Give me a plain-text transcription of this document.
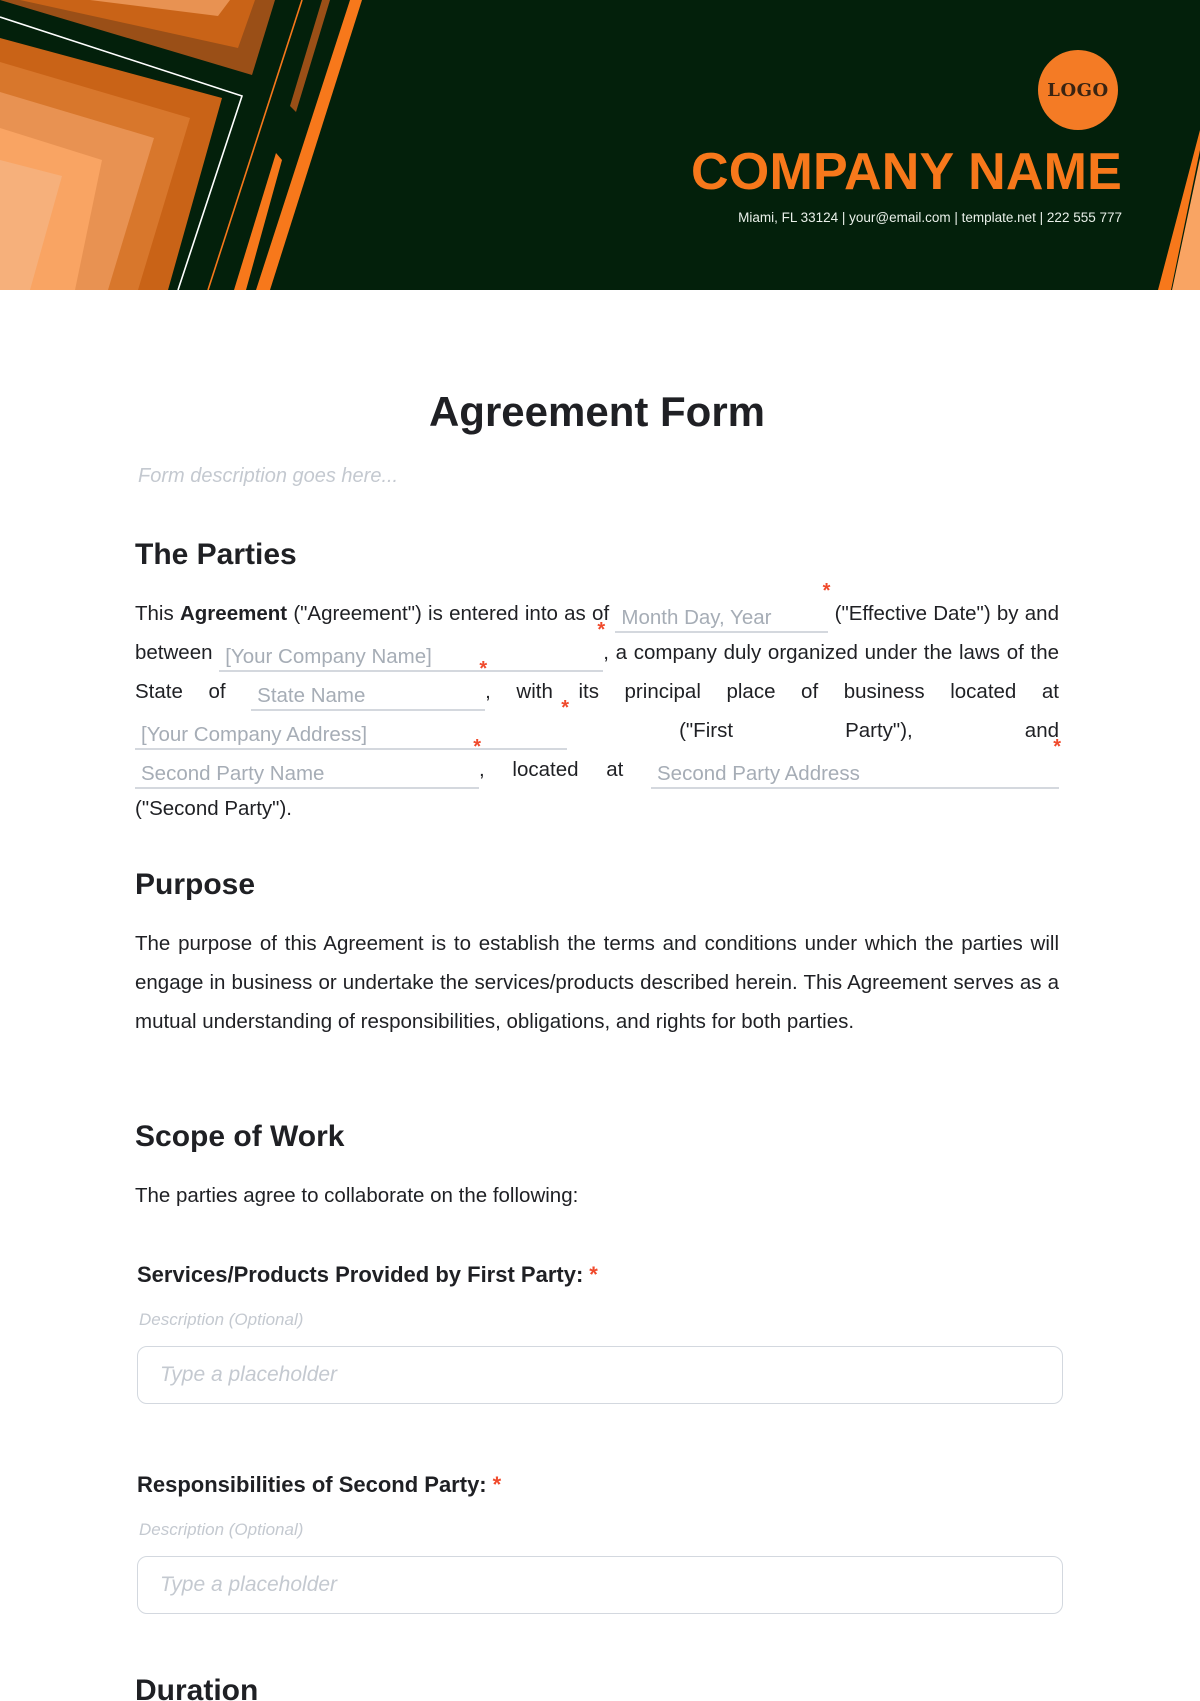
LOGO
COMPANY NAME
Miami, FL 33124 | your@email.com | template.net | 222 555 777
Agreement Form
Form description goes here...
The Parties
This Agreement ("Agreement") is entered into as of Month Day, Year
*
("Effective Date") by and between [Your Company Name]
*
, a company duly organized under the laws of the State of State Name
*
, with its principal place of business located at [Your Company Address]
*
("First Party"), and Second Party Name
*
, located at Second Party Address
*
("Second Party").
Purpose
The purpose of this Agreement is to establish the terms and conditions under which the parties will engage in business or undertake the services/products described herein. This Agreement serves as a mutual understanding of responsibilities, obligations, and rights for both parties.
Scope of Work
The parties agree to collaborate on the following:
Services/Products Provided by First Party: *
Description (Optional)
Type a placeholder
Responsibilities of Second Party: *
Description (Optional)
Type a placeholder
Duration
